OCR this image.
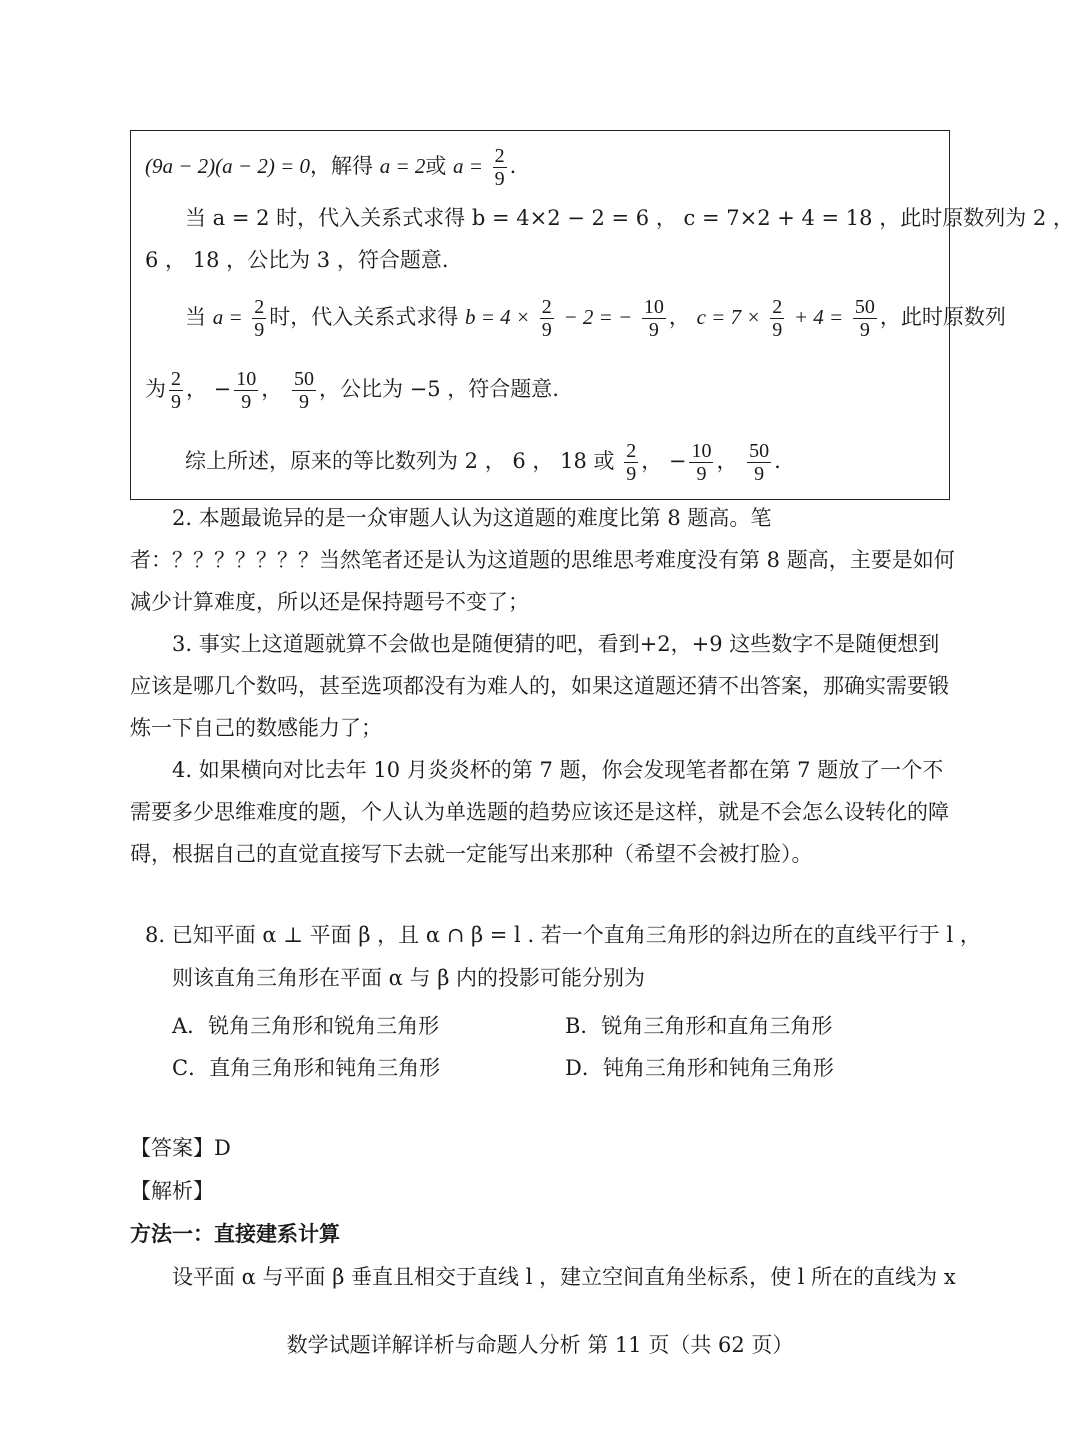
(9a − 2)(a − 2) = 0，解得 a = 2或 $a = \frac{2}{9}$ .
当 a = 2 时，代入关系式求得 b = 4×2 − 2 = 6 ， c = 7×2 + 4 = 18 ，此时原数列为 2 ，
6 ， 18 ，公比为 3 ，符合题意.
当 $a = \frac{2}{9}$ 时，代入关系式求得 $b = 4 \times \frac{2}{9} - 2$ = − $\frac{10}{9}$ ， $c = 7 \times \frac{2}{9} + 4 = \frac{50}{9}$ ，此时原数列
为 $\frac{2}{9}$ ， − $\frac{10}{9}$ ， $\frac{50}{9}$ ，公比为 −5 ，符合题意.
综上所述，原来的等比数列为 2 ， 6 ， 18 或 $\frac{2}{9}$ ， − $\frac{10}{9}$ ， $\frac{50}{9}$ .
2. 本题最诡异的是一众审题人认为这道题的难度比第 8 题高。笔者：？？？？？？？当然笔者还是认为这道题的思维思考难度没有第 8 题高，主要是如何减少计算难度，所以还是保持题号不变了；
3. 事实上这道题就算不会做也是随便猜的吧，看到+2，+9 这些数字不是随便想到应该是哪几个数吗，甚至选项都没有为难人的，如果这道题还猜不出答案，那确实需要锻炼一下自己的数感能力了；
4. 如果横向对比去年 10 月炎炎杯的第 7 题，你会发现笔者都在第 7 题放了一个不需要多少思维难度的题，个人认为单选题的趋势应该还是这样，就是不会怎么设转化的障碍，根据自己的直觉直接写下去就一定能写出来那种（希望不会被打脸）。
8. 已知平面 α ⊥ 平面 β ，且 α ∩ β = l . 若一个直角三角形的斜边所在的直线平行于 l ，
则该直角三角形在平面 α 与 β 内的投影可能分别为
A．锐角三角形和锐角三角形	B．锐角三角形和直角三角形
C．直角三角形和钝角三角形	D．钝角三角形和钝角三角形
【答案】D
【解析】
方法一：直接建系计算
设平面 α 与平面 β 垂直且相交于直线 l ，建立空间直角坐标系，使 l 所在的直线为 x
数学试题详解详析与命题人分析 第 11 页（共 62 页）
